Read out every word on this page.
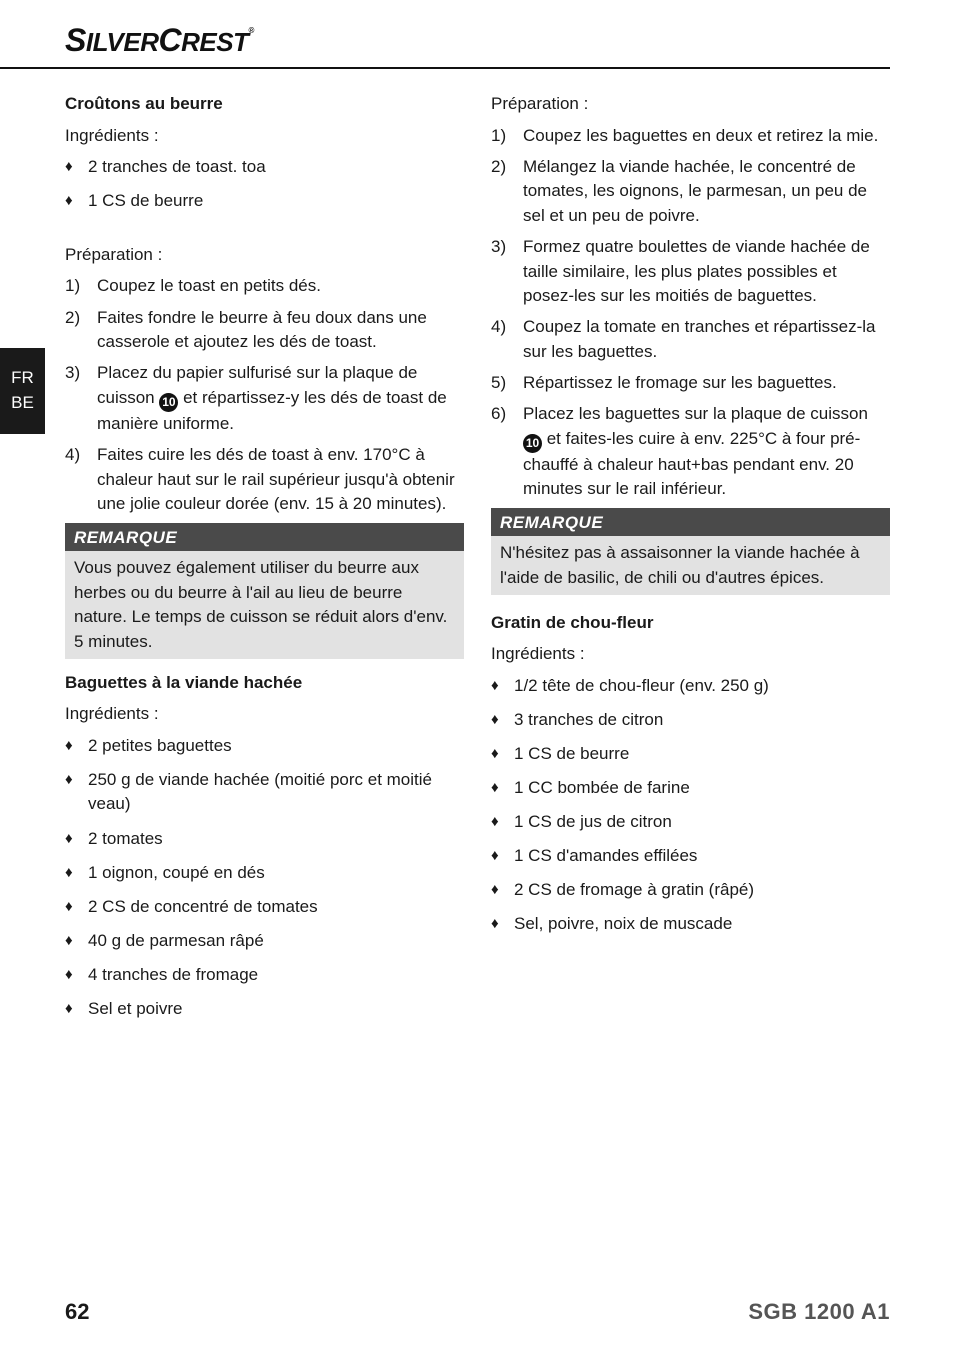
SILVERCREST®
FR
BE
Croûtons au beurre
Ingrédients :
♦ 2 tranches de toast. toa
♦ 1 CS de beurre
Préparation :
1) Coupez le toast en petits dés.
2) Faites fondre le beurre à feu doux dans une casserole et ajoutez les dés de toast.
3) Placez du papier sulfurisé sur la plaque de cuisson 10 et répartissez-y les dés de toast de manière uniforme.
4) Faites cuire les dés de toast à env. 170°C à chaleur haut sur le rail supérieur jusqu'à obtenir une jolie couleur dorée (env. 15 à 20 minutes).
REMARQUE
Vous pouvez également utiliser du beurre aux herbes ou du beurre à l'ail au lieu de beurre nature. Le temps de cuisson se réduit alors d'env. 5 minutes.
Baguettes à la viande hachée
Ingrédients :
♦ 2 petites baguettes
♦ 250 g de viande hachée (moitié porc et moitié veau)
♦ 2 tomates
♦ 1 oignon, coupé en dés
♦ 2 CS de concentré de tomates
♦ 40 g de parmesan râpé
♦ 4 tranches de fromage
♦ Sel et poivre
Préparation :
1) Coupez les baguettes en deux et retirez la mie.
2) Mélangez la viande hachée, le concentré de tomates, les oignons, le parmesan, un peu de sel et un peu de poivre.
3) Formez quatre boulettes de viande hachée de taille similaire, les plus plates possibles et posez-les sur les moitiés de baguettes.
4) Coupez la tomate en tranches et répartissez-la sur les baguettes.
5) Répartissez le fromage sur les baguettes.
6) Placez les baguettes sur la plaque de cuisson 10 et faites-les cuire à env. 225°C à four pré-chauffé à chaleur haut+bas pendant env. 20 minutes sur le rail inférieur.
REMARQUE
N'hésitez pas à assaisonner la viande hachée à l'aide de basilic, de chili ou d'autres épices.
Gratin de chou-fleur
Ingrédients :
♦ 1/2 tête de chou-fleur (env. 250 g)
♦ 3 tranches de citron
♦ 1 CS de beurre
♦ 1 CC bombée de farine
♦ 1 CS de jus de citron
♦ 1 CS d'amandes effilées
♦ 2 CS de fromage à gratin (râpé)
♦ Sel, poivre, noix de muscade
62	SGB 1200 A1
